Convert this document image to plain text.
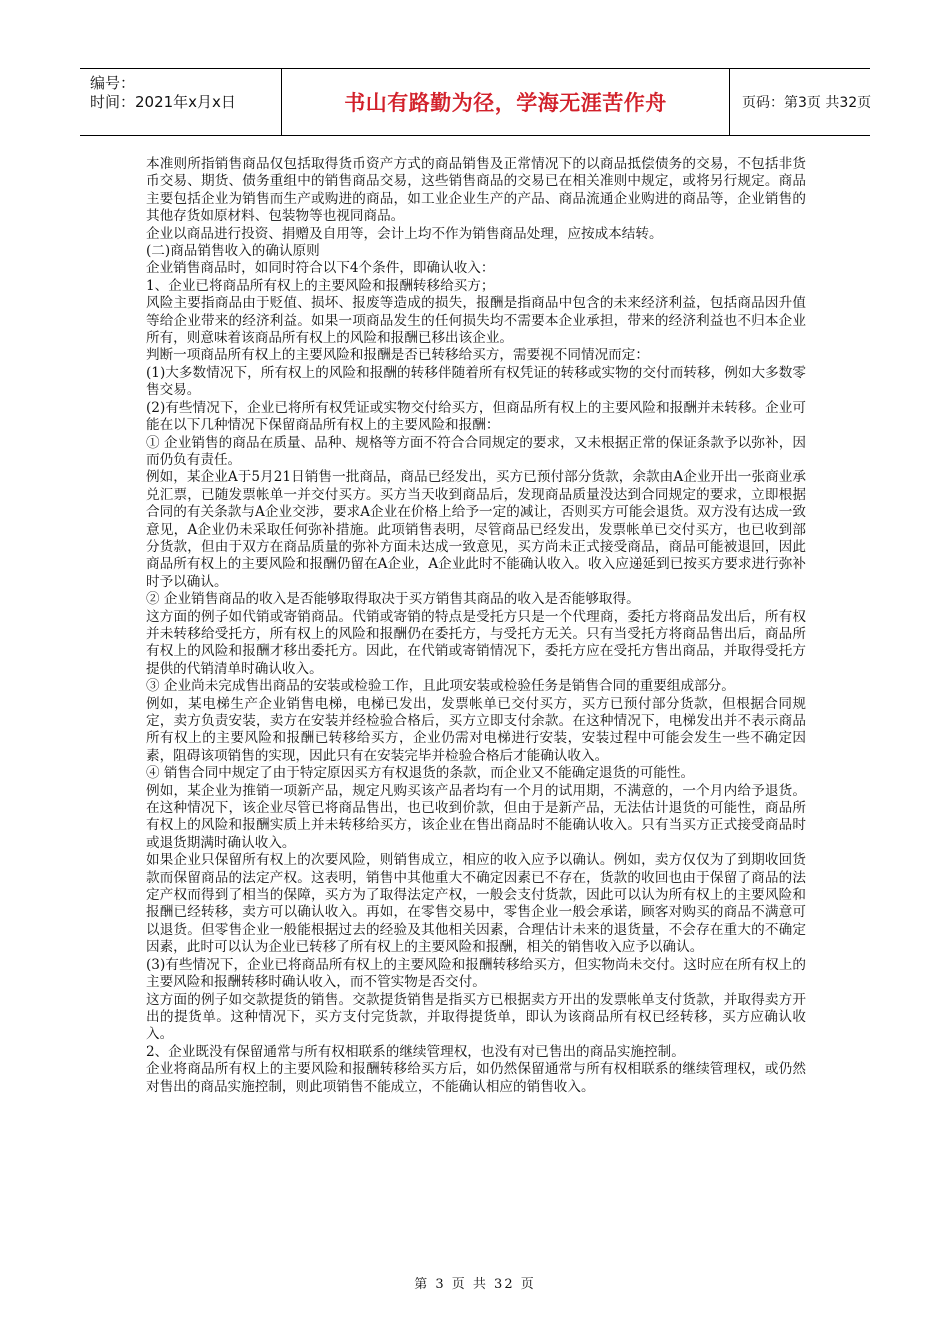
编号：
时间：2021年x月x日	书山有路勤为径，学海无涯苦作舟	页码：第3页 共32页

本准则所指销售商品仅包括取得货币资产方式的商品销售及正常情况下的以商品抵偿债务的交易，不包括非货币交易、期货、债务重组中的销售商品交易，这些销售商品的交易已在相关准则中规定，或将另行规定。商品主要包括企业为销售而生产或购进的商品，如工业企业生产的产品、商品流通企业购进的商品等，企业销售的其他存货如原材料、包装物等也视同商品。

企业以商品进行投资、捐赠及自用等，会计上均不作为销售商品处理，应按成本结转。

(二)商品销售收入的确认原则

企业销售商品时，如同时符合以下4个条件，即确认收入：

1、企业已将商品所有权上的主要风险和报酬转移给买方；

风险主要指商品由于贬值、损坏、报废等造成的损失，报酬是指商品中包含的未来经济利益，包括商品因升值等给企业带来的经济利益。如果一项商品发生的任何损失均不需要本企业承担，带来的经济利益也不归本企业所有，则意味着该商品所有权上的风险和报酬已移出该企业。

判断一项商品所有权上的主要风险和报酬是否已转移给买方，需要视不同情况而定：

(1)大多数情况下，所有权上的风险和报酬的转移伴随着所有权凭证的转移或实物的交付而转移，例如大多数零售交易。

(2)有些情况下，企业已将所有权凭证或实物交付给买方，但商品所有权上的主要风险和报酬并未转移。企业可能在以下几种情况下保留商品所有权上的主要风险和报酬：

① 企业销售的商品在质量、品种、规格等方面不符合合同规定的要求，又未根据正常的保证条款予以弥补，因而仍负有责任。

例如，某企业A于5月21日销售一批商品，商品已经发出，买方已预付部分货款，余款由A企业开出一张商业承兑汇票，已随发票帐单一并交付买方。买方当天收到商品后，发现商品质量没达到合同规定的要求，立即根据合同的有关条款与A企业交涉，要求A企业在价格上给予一定的减让，否则买方可能会退货。双方没有达成一致意见，A企业仍未采取任何弥补措施。此项销售表明，尽管商品已经发出，发票帐单已交付买方，也已收到部分货款，但由于双方在商品质量的弥补方面未达成一致意见，买方尚未正式接受商品，商品可能被退回，因此商品所有权上的主要风险和报酬仍留在A企业，A企业此时不能确认收入。收入应递延到已按买方要求进行弥补时予以确认。

② 企业销售商品的收入是否能够取得取决于买方销售其商品的收入是否能够取得。

这方面的例子如代销或寄销商品。代销或寄销的特点是受托方只是一个代理商，委托方将商品发出后，所有权并未转移给受托方，所有权上的风险和报酬仍在委托方，与受托方无关。只有当受托方将商品售出后，商品所有权上的风险和报酬才移出委托方。因此，在代销或寄销情况下，委托方应在受托方售出商品，并取得受托方提供的代销清单时确认收入。

③ 企业尚未完成售出商品的安装或检验工作，且此项安装或检验任务是销售合同的重要组成部分。

例如，某电梯生产企业销售电梯，电梯已发出，发票帐单已交付买方，买方已预付部分货款，但根据合同规定，卖方负责安装，卖方在安装并经检验合格后，买方立即支付余款。在这种情况下，电梯发出并不表示商品所有权上的主要风险和报酬已转移给买方，企业仍需对电梯进行安装，安装过程中可能会发生一些不确定因素，阻碍该项销售的实现，因此只有在安装完毕并检验合格后才能确认收入。

④ 销售合同中规定了由于特定原因买方有权退货的条款，而企业又不能确定退货的可能性。

例如，某企业为推销一项新产品，规定凡购买该产品者均有一个月的试用期，不满意的，一个月内给予退货。在这种情况下，该企业尽管已将商品售出，也已收到价款，但由于是新产品，无法估计退货的可能性，商品所有权上的风险和报酬实质上并未转移给买方，该企业在售出商品时不能确认收入。只有当买方正式接受商品时或退货期满时确认收入。

如果企业只保留所有权上的次要风险，则销售成立，相应的收入应予以确认。例如，卖方仅仅为了到期收回货款而保留商品的法定产权。这表明，销售中其他重大不确定因素已不存在，货款的收回也由于保留了商品的法定产权而得到了相当的保障，买方为了取得法定产权，一般会支付货款，因此可以认为所有权上的主要风险和报酬已经转移，卖方可以确认收入。再如，在零售交易中，零售企业一般会承诺，顾客对购买的商品不满意可以退货。但零售企业一般能根据过去的经验及其他相关因素，合理估计未来的退货量，不会存在重大的不确定因素，此时可以认为企业已转移了所有权上的主要风险和报酬，相关的销售收入应予以确认。

(3)有些情况下，企业已将商品所有权上的主要风险和报酬转移给买方，但实物尚未交付。这时应在所有权上的主要风险和报酬转移时确认收入，而不管实物是否交付。

这方面的例子如交款提货的销售。交款提货销售是指买方已根据卖方开出的发票帐单支付货款，并取得卖方开出的提货单。这种情况下，买方支付完货款，并取得提货单，即认为该商品所有权已经转移，买方应确认收入。

2、企业既没有保留通常与所有权相联系的继续管理权，也没有对已售出的商品实施控制。

企业将商品所有权上的主要风险和报酬转移给买方后，如仍然保留通常与所有权相联系的继续管理权，或仍然对售出的商品实施控制，则此项销售不能成立，不能确认相应的销售收入。

第 3 页 共 32 页
